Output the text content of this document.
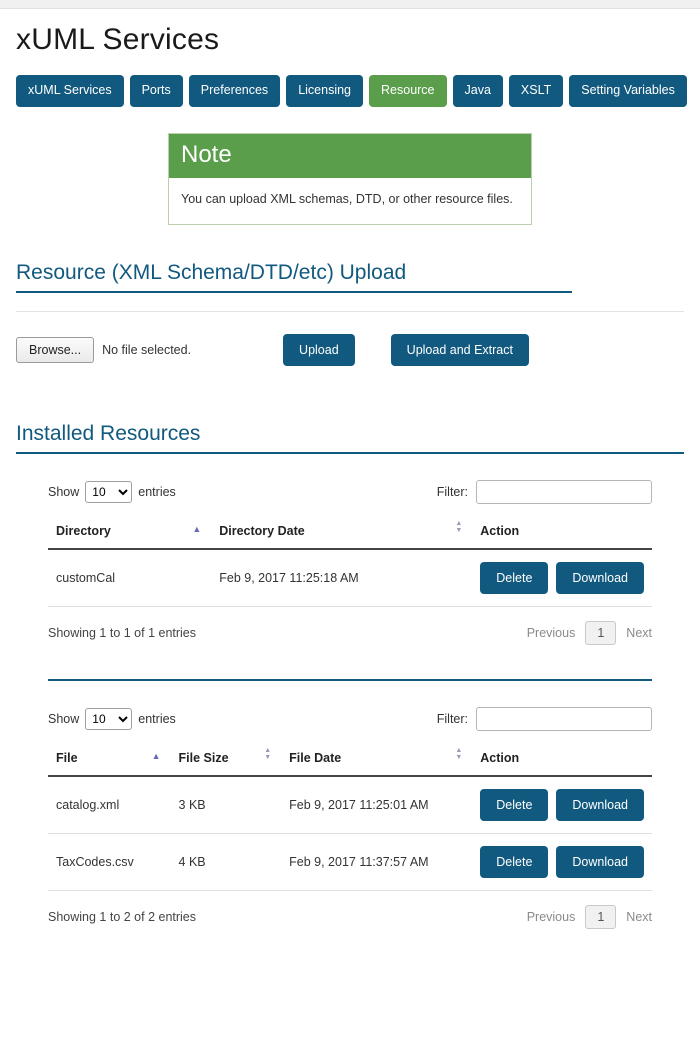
xUML Services
xUML Services	Ports	Preferences	Licensing	Resource	Java	XSLT	Setting Variables
Note
You can upload XML schemas, DTD, or other resource files.
Resource (XML Schema/DTD/etc) Upload
Browse...	No file selected.	Upload	Upload and Extract
Installed Resources
Show
10	entries	Filter:
Directory ▲	Directory Date ▲ ▼	Action
customCal	Feb 9, 2017 11:25:18 AM	Delete Download
Showing 1 to 1 of 1 entries	Previous	1	Next
Show
10	entries	Filter:
File ▲	File Size ▲ ▼	File Date ▲ ▼	Action
catalog.xml	3 KB	Feb 9, 2017 11:25:01 AM	Delete Download

TaxCodes.csv	4 KB	Feb 9, 2017 11:37:57 AM	Delete Download
Showing 1 to 2 of 2 entries	Previous	1	Next
